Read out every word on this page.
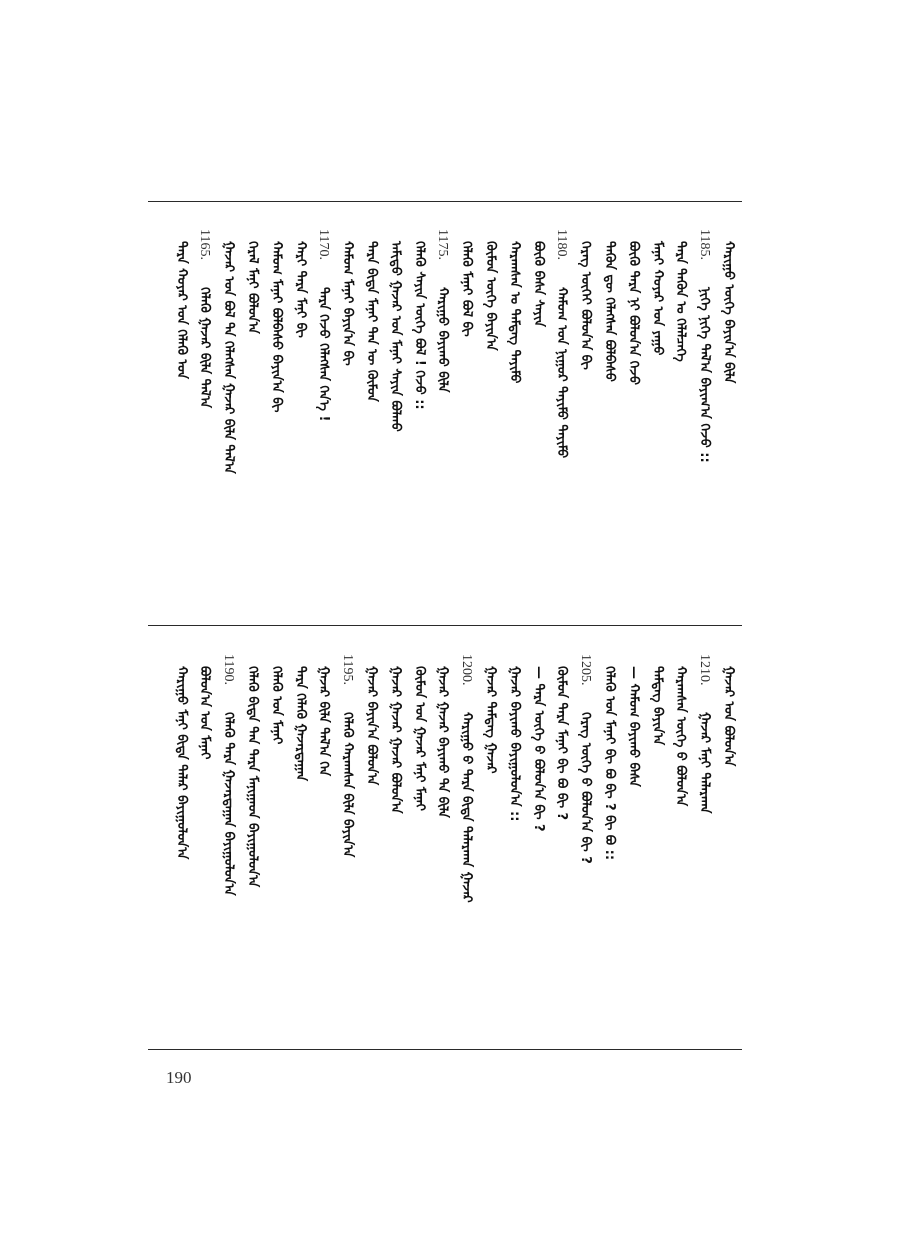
ᠬᠠᠷᠢᠭᠤ ᠦᠭᠡ ᠪᠠᠶᠢᠨ᠎ᠠ ᠪᠢᠯᠡ
1185.
ᠨᠢᠭᠡ ᠨᠢᠭᠡ ᠲᠠᠯ᠎ᠠ ᠪᠠᠶᠢᠭ᠎ᠠ ᠭᠡᠵᠦ ::
ᠲᠡᠷᠡ ᠲᠡᠭᠦᠨ ᠤ ᠬᠡᠯᠡᠯᠴᠡᠭᠡ
ᠮᠠᠨᠠᠢ ᠬᠣᠶᠠᠷ ᠤᠨ ᠶᠠᠭᠤ
ᠪᠦᠬᠦ ᠲᠡᠷᠡ ᠨᠢ ᠪᠣᠯᠤᠨ᠎ᠠ ᠭᠡᠵᠦ
ᠲᠡᠭᠦᠨ ᠳᠦ ᠬᠡᠯᠡᠭᠰᠡᠨ ᠪᠣᠯᠪᠠᠰᠤ
ᠬᠡᠷᠡᠭ ᠦᠭᠡᠢ ᠪᠣᠯᠤᠨ᠎ᠠ ᠪᠢ
1180.
ᠬᠠᠮᠤᠭ ᠤᠨ ᠨᠢᠭᠤᠷ ᠲᠡᠶᠢᠮᠦ ᠲᠡᠶᠢᠮᠦ
ᠪᠦᠬᠦ ᠪᠠᠰᠠ ᠰᠠᠶᠢᠨ
ᠬᠠᠷᠠᠭᠰᠠᠨ ᠤ ᠲᠡᠮᠳᠡᠭ ᠲᠡᠶᠢᠮᠦ
ᠬᠦᠮᠦᠨ ᠦᠭᠡ ᠪᠠᠶᠢᠨ᠎ᠠ
ᠬᠡᠯᠡᠬᠦ ᠮᠠᠨᠠᠢ ᠪᠣᠯ ᠪᠢ
1175.
ᠬᠠᠷᠢᠭᠤ ᠪᠠᠶᠢᠬᠤ ᠪᠢᠯᠡ
ᠬᠡᠯᠡᠬᠦ ᠰᠠᠶᠢᠨ ᠦᠭᠡ ᠪᠣᠯ ! ᠭᠡᠵᠦ ::
ᠠᠮᠢᠳᠤ ᠭᠠᠵᠠᠷ ᠤᠨ ᠮᠠᠨᠠᠢ ᠰᠠᠶᠢᠨ ᠪᠣᠯᠬᠤ
ᠲᠡᠷᠡ ᠪᠢᠳᠡ ᠮᠠᠨᠠᠢ ᠲᠠᠨ ᠦ ᠬᠦᠮᠦᠨ
ᠬᠠᠮᠤᠭ ᠮᠠᠨᠠᠢ ᠪᠠᠶᠢᠨ᠎ᠠ ᠪᠢ
1170.
ᠲᠡᠷᠡ ᠭᠡᠵᠦ ᠬᠡᠯᠡᠭᠰᠡᠨ ᠭᠡᠨ᠎ᠡ !
ᠬᠠᠷᠢ ᠲᠡᠷᠡ ᠮᠠᠨᠢ ᠪᠢ
ᠬᠠᠮᠤᠭ ᠮᠠᠨᠠᠢ ᠪᠣᠯᠪᠠᠰᠤ ᠪᠠᠶᠢᠨ᠎ᠠ ᠪᠢ
ᠭᠡᠷᠡᠯ ᠮᠠᠨᠢ ᠪᠣᠯᠤᠨ᠎ᠠ
ᠭᠠᠵᠠᠷ ᠤᠨ ᠪᠣᠯ ᠲᠡ ᠬᠡᠯᠡᠭᠰᠡᠨ ᠭᠠᠵᠠᠷ ᠪᠢᠯᠡ ᠲᠠᠯ᠎ᠠ
1165.
ᠬᠡᠯᠡᠬᠦ ᠭᠠᠵᠠᠷ ᠪᠢᠯᠡ ᠲᠠᠯ᠎ᠠ
ᠲᠡᠷᠡ ᠬᠣᠶᠠᠷ ᠤᠨ ᠬᠡᠯᠡᠬᠦ ᠤᠨ
ᠭᠠᠵᠠᠷ ᠤᠨ ᠪᠣᠯᠤᠨ᠎ᠠ
1210.
ᠭᠠᠵᠠᠷ ᠮᠠᠨᠢ ᠲᠠᠯᠠᠷᠬᠠᠨ
ᠬᠠᠷᠠᠭᠰᠠᠨ ᠦᠭᠡ ᠪ ᠪᠣᠯᠤᠨ᠎ᠠ
ᠲᠡᠮᠳᠡᠭ ᠪᠠᠶᠢᠨ᠎ᠠ
— ᠬᠠᠮᠤᠭ ᠪᠠᠶᠢᠬᠤ ᠪᠠᠰᠠ
ᠬᠡᠯᠡᠬᠦ ᠤᠨ ᠮᠠᠨᠠᠢ ᠪᠢ ᠪᠣ ᠪᠢ ? ᠪᠢ ᠪᠣ ::
1205.
ᠬᠡᠷᠡᠭ ᠦᠭᠡ ᠪ ᠪᠣᠯᠤᠨ᠎ᠠ ᠪᠢ ?
ᠬᠦᠮᠦᠨ ᠲᠡᠷᠡ ᠮᠠᠨᠠᠢ ᠪᠢ ᠪᠣ ᠪᠢ ?
— ᠲᠡᠷᠡ ᠦᠭᠡ ᠪ ᠪᠣᠯᠤᠨ᠎ᠠ ᠪᠢ ?
ᠭᠠᠵᠠᠷ ᠪᠠᠶᠢᠬᠤ ᠪᠠᠶᠢᠭᠤᠯᠤᠨ᠎ᠠ ::
ᠭᠠᠵᠠᠷ ᠲᠡᠮᠳᠡᠭ ᠭᠠᠵᠠᠷ
1200.
ᠬᠠᠷᠢᠭᠤ ᠪ ᠲᠡᠷᠡ ᠪᠢᠳᠡ ᠲᠠᠯᠠᠷᠬᠠᠨ ᠭᠠᠵᠠᠷ
ᠭᠠᠵᠠᠷ ᠭᠠᠵᠠᠷ ᠪᠠᠶᠢᠬᠤ ᠲᠡ ᠪᠢᠯᠡ
ᠬᠦᠮᠦᠨ ᠤᠨ ᠭᠠᠵᠠᠷ ᠮᠠᠨᠢ ᠮᠠᠨᠠᠢ
ᠭᠠᠵᠠᠷ ᠭᠠᠵᠠᠷ ᠭᠠᠵᠠᠷ ᠪᠣᠯᠤᠨ᠎ᠠ
ᠭᠠᠵᠠᠷ ᠪᠠᠶᠢᠨ᠎ᠠ ᠪᠣᠯᠤᠨ᠎ᠠ
1195.
ᠬᠡᠯᠡᠬᠦ ᠬᠠᠷᠠᠭᠰᠠᠨ ᠪᠢᠯᠡ ᠪᠠᠶᠢᠨ᠎ᠠ
ᠭᠠᠵᠠᠷ ᠪᠢᠯᠡ ᠲᠠᠯ᠎ᠠ ᠭᠡᠨ
ᠲᠡᠷᠡ ᠬᠡᠯᠡᠬᠦ ᠭᠠᠵᠠᠷᠲᠠᠭᠠᠨ
ᠬᠡᠯᠡᠬᠦ ᠤᠨ ᠮᠠᠨᠠᠢ
ᠬᠡᠯᠡᠬᠦ ᠪᠢᠳᠡ ᠲᠠᠨ ᠲᠡᠷᠡ ᠮᠠᠨᠢᠭᠠᠳ ᠪᠠᠶᠢᠭᠤᠯᠤᠨ᠎ᠠ
1190.
ᠬᠡᠯᠡᠬᠦ ᠲᠡᠷᠡ ᠭᠠᠵᠠᠷᠲᠠᠭᠠᠨ ᠪᠠᠶᠢᠭᠤᠯᠤᠨ᠎ᠠ
ᠪᠣᠯᠤᠨ᠎ᠠ ᠤᠨ ᠮᠠᠨᠠᠢ
ᠬᠠᠷᠢᠭᠤ ᠮᠠᠨᠢ ᠪᠢᠳᠡ ᠲᠠᠯᠠᠷ ᠪᠠᠶᠢᠭᠤᠯᠤᠨ᠎ᠠ
190
